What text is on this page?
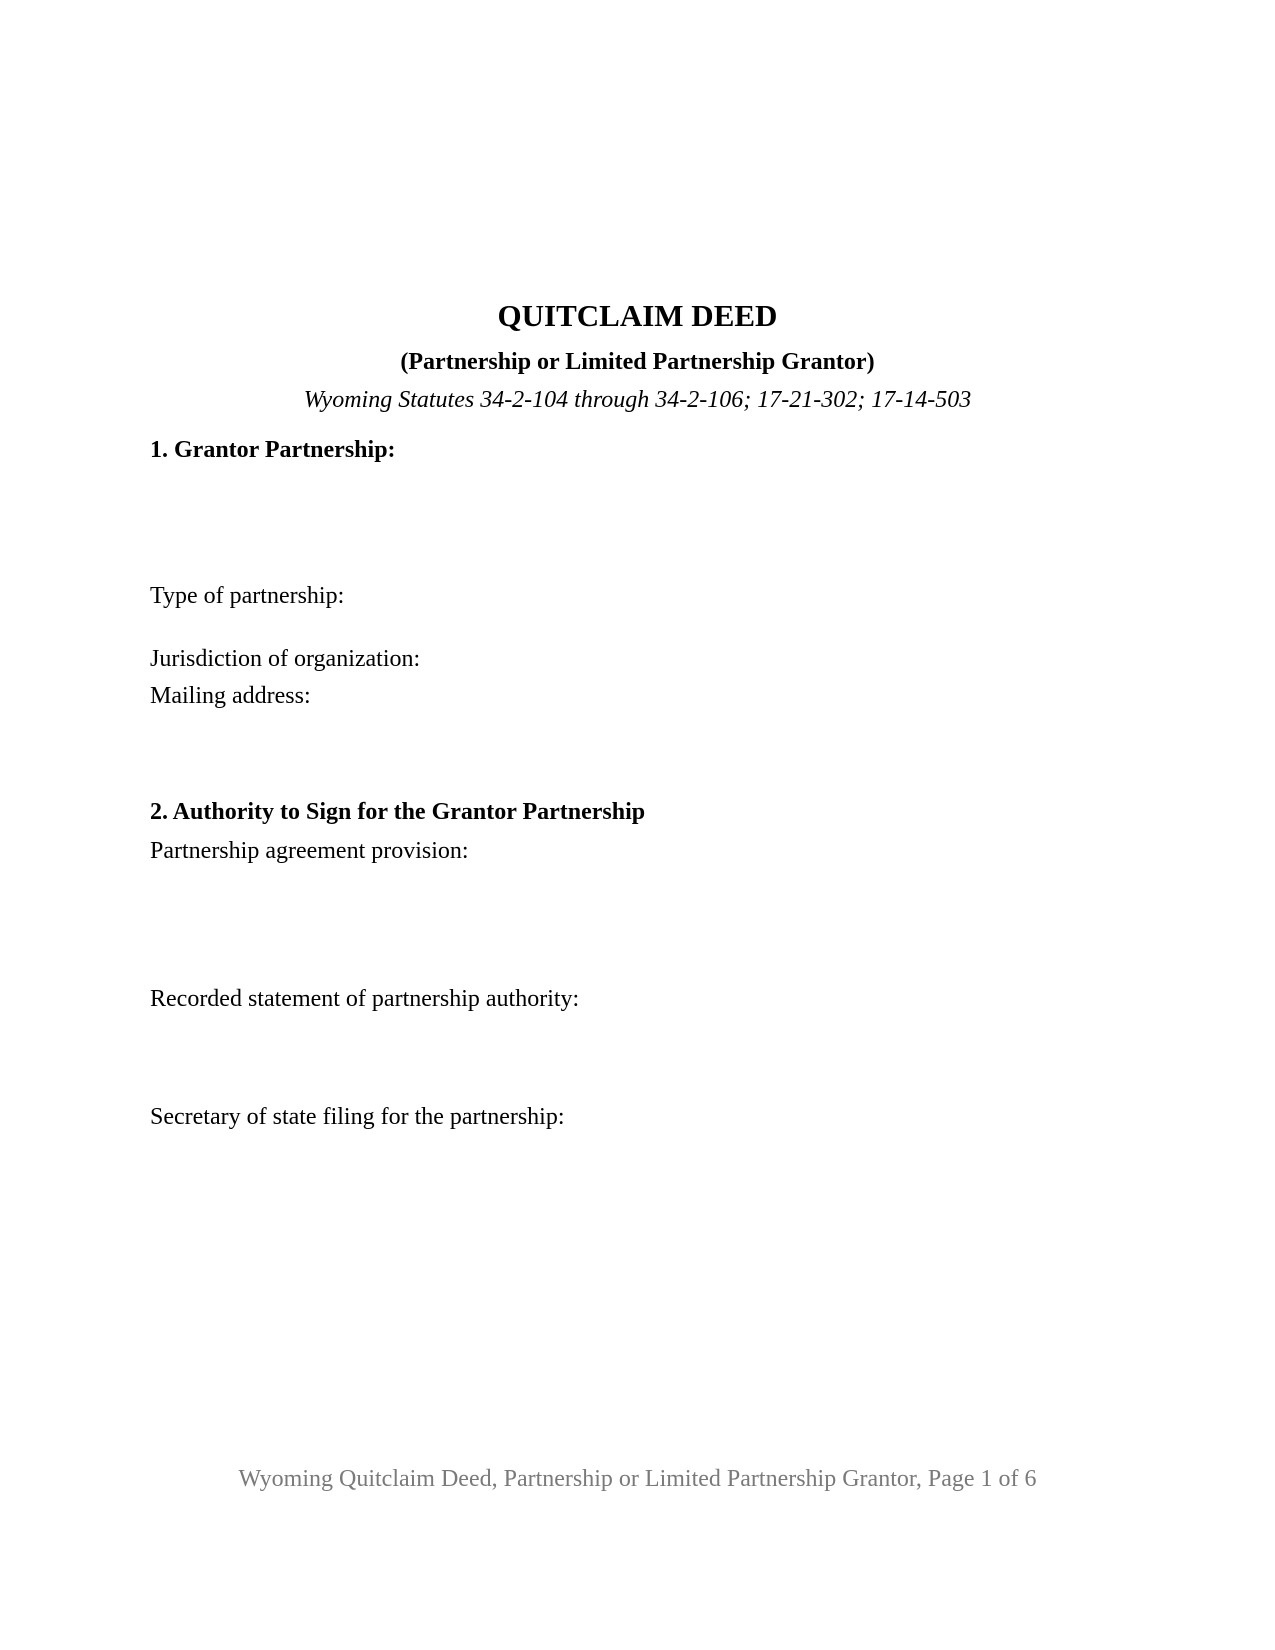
QUITCLAIM DEED
(Partnership or Limited Partnership Grantor)
Wyoming Statutes 34-2-104 through 34-2-106; 17-21-302; 17-14-503
1. Grantor Partnership:
Type of partnership:
Jurisdiction of organization:
Mailing address:
2. Authority to Sign for the Grantor Partnership
Partnership agreement provision:
Recorded statement of partnership authority:
Secretary of state filing for the partnership:
Wyoming Quitclaim Deed, Partnership or Limited Partnership Grantor, Page 1 of 6
